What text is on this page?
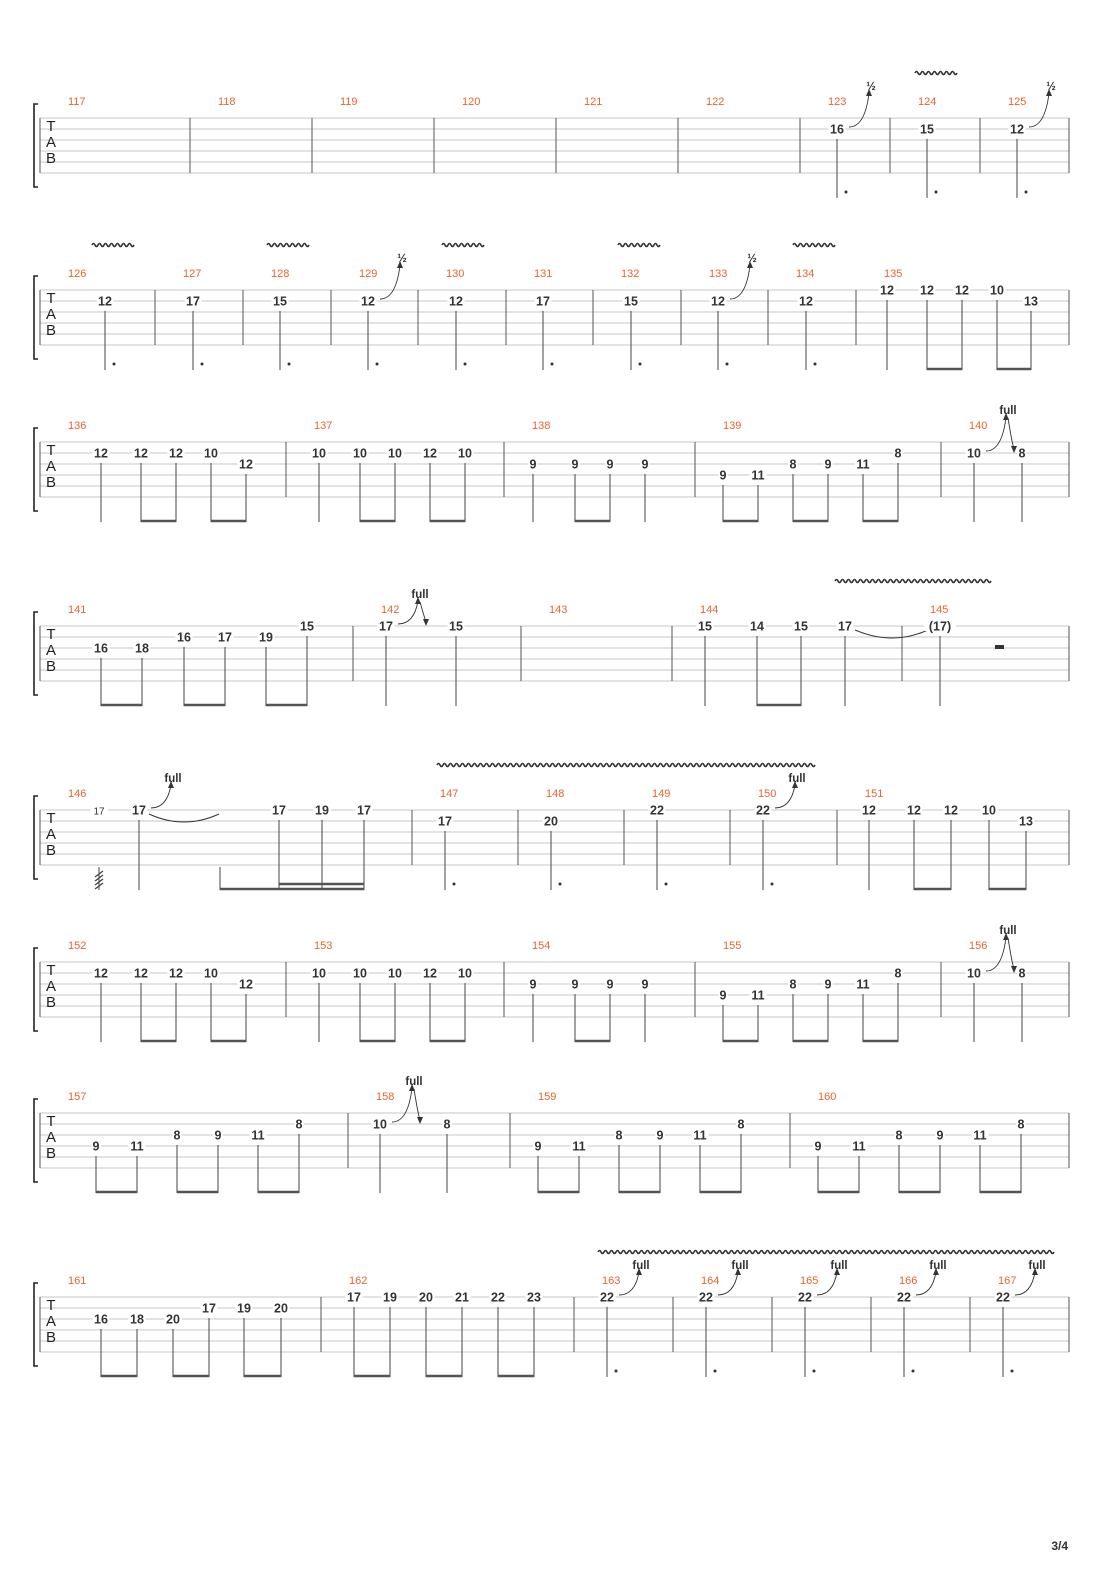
T
A
B
117	118	119	120	121	122	123
16
½
124
15
125
12
½
T
A
B
126
12
127
17
128
15
129
12
½
130
12
131
17
132
15
133
12
½
134
12
135
12 12 12 10
13
T
A
B
136
12 12 12 10
12
137
10 10 10 12 10
138
9	9 9 9
139
9 11
8 9 11
8
140
10
full
8
T
A
B
141
16 18
16 17 19
15
142
17
full
15
143	144
15	14 15 17
145
(17)
T
A
B
146
17 17
full
17 19 17
147
17
148
20
149
22
150
22
full
151
12 12 12 10
13
T
A
B
152
12 12 12 10
12
153
10 10 10 12 10
154
9	9 9 9
155
9 11
8 9 11
8
156
10
full
8
T
A
B
157
9 11
8	9 11
8
158
10
full
8
159
9 11
8	9 11
8
160
9 11
8	9 11
8
T
A
B
161
16 18 20
17 19 20
162
17 19 20 21 22 23
163
22
full
164
22
full
165
22
full
166
22
full
167
22
full
3/4
